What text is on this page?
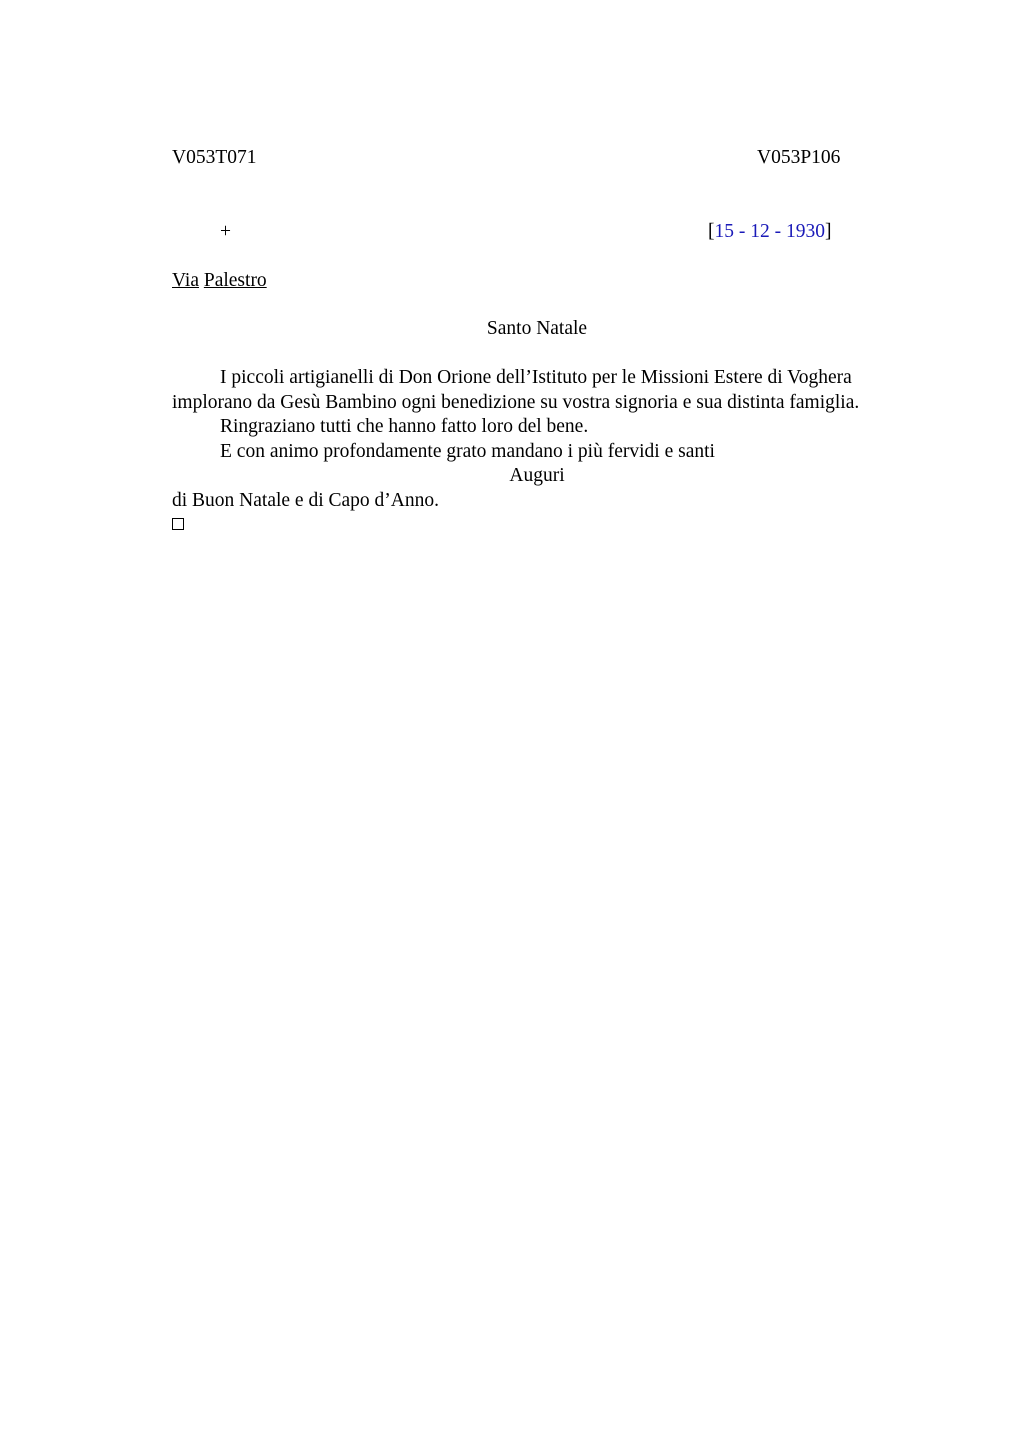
V053T071	V053P106
+	[15 - 12 - 1930]
Via Palestro
Santo Natale

I piccoli artigianelli di Don Orione dell’Istituto per le Missioni Estere di Voghera

implorano da Gesù Bambino ogni benedizione su vostra signoria e sua distinta famiglia.

Ringraziano tutti che hanno fatto loro del bene.

E con animo profondamente grato mandano i più fervidi e santi

Auguri

di Buon Natale e di Capo d’Anno.
